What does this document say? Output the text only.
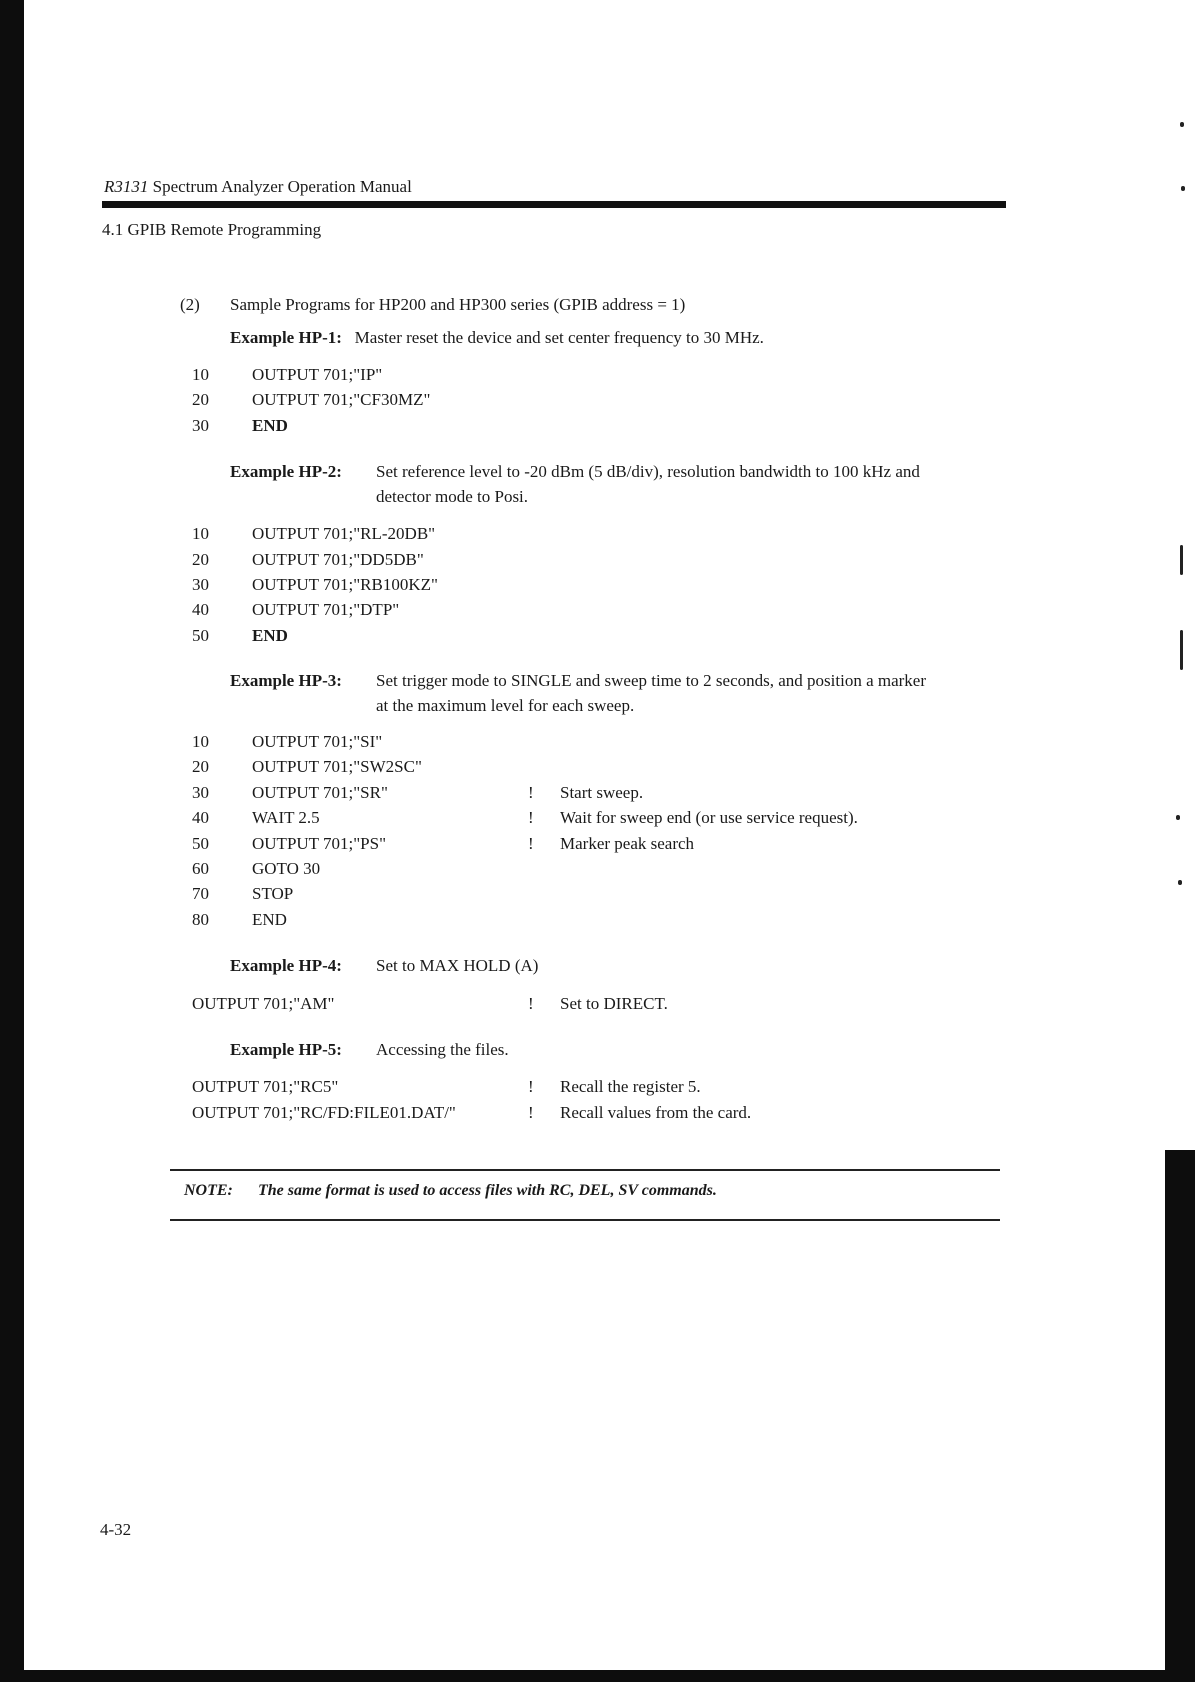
R3131 Spectrum Analyzer Operation Manual
4.1 GPIB Remote Programming
(2) Sample Programs for HP200 and HP300 series (GPIB address = 1)
Example HP-1: Master reset the device and set center frequency to 30 MHz.
10	OUTPUT 701;"IP"
20	OUTPUT 701;"CF30MZ"
30	END
Example HP-2: Set reference level to -20 dBm (5 dB/div), resolution bandwidth to 100 kHz and
detector mode to Posi.
10	OUTPUT 701;"RL-20DB"
20	OUTPUT 701;"DD5DB"
30	OUTPUT 701;"RB100KZ"
40	OUTPUT 701;"DTP"
50	END
Example HP-3: Set trigger mode to SINGLE and sweep time to 2 seconds, and position a marker
at the maximum level for each sweep.
10	OUTPUT 701;"SI"
20	OUTPUT 701;"SW2SC"
30	OUTPUT 701;"SR"	! Start sweep.
40	WAIT 2.5	! Wait for sweep end (or use service request).
50	OUTPUT 701;"PS"	! Marker peak search
60	GOTO 30
70	STOP
80	END
Example HP-4: Set to MAX HOLD (A)
OUTPUT 701;"AM"	! Set to DIRECT.
Example HP-5: Accessing the files.
OUTPUT 701;"RC5"	! Recall the register 5.
OUTPUT 701;"RC/FD:FILE01.DAT/"	! Recall values from the card.
NOTE: The same format is used to access files with RC, DEL, SV commands.
4-32
